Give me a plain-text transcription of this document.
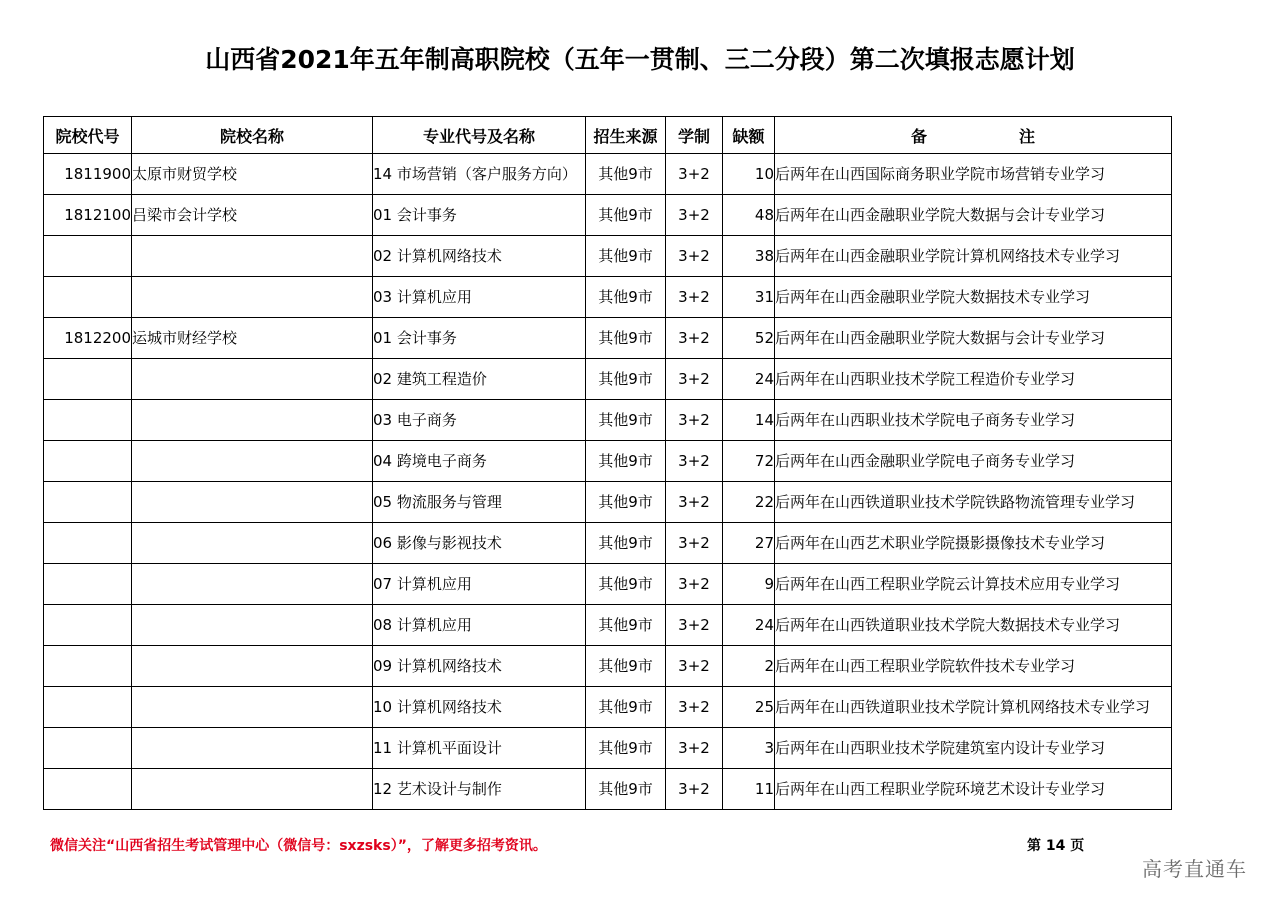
山西省2021年五年制高职院校（五年一贯制、三二分段）第二次填报志愿计划
院校代号	院校名称	专业代号及名称	招生来源	学制	缺额	备 注
1811900	太原市财贸学校	14 市场营销（客户服务方向）	其他9市	3+2	10	后两年在山西国际商务职业学院市场营销专业学习
1812100	吕梁市会计学校	01 会计事务	其他9市	3+2	48	后两年在山西金融职业学院大数据与会计专业学习
		02 计算机网络技术	其他9市	3+2	38	后两年在山西金融职业学院计算机网络技术专业学习
		03 计算机应用	其他9市	3+2	31	后两年在山西金融职业学院大数据技术专业学习
1812200	运城市财经学校	01 会计事务	其他9市	3+2	52	后两年在山西金融职业学院大数据与会计专业学习
		02 建筑工程造价	其他9市	3+2	24	后两年在山西职业技术学院工程造价专业学习
		03 电子商务	其他9市	3+2	14	后两年在山西职业技术学院电子商务专业学习
		04 跨境电子商务	其他9市	3+2	72	后两年在山西金融职业学院电子商务专业学习
		05 物流服务与管理	其他9市	3+2	22	后两年在山西铁道职业技术学院铁路物流管理专业学习
		06 影像与影视技术	其他9市	3+2	27	后两年在山西艺术职业学院摄影摄像技术专业学习
		07 计算机应用	其他9市	3+2	9	后两年在山西工程职业学院云计算技术应用专业学习
		08 计算机应用	其他9市	3+2	24	后两年在山西铁道职业技术学院大数据技术专业学习
		09 计算机网络技术	其他9市	3+2	2	后两年在山西工程职业学院软件技术专业学习
		10 计算机网络技术	其他9市	3+2	25	后两年在山西铁道职业技术学院计算机网络技术专业学习
		11 计算机平面设计	其他9市	3+2	3	后两年在山西职业技术学院建筑室内设计专业学习
		12 艺术设计与制作	其他9市	3+2	11	后两年在山西工程职业学院环境艺术设计专业学习
微信关注“山西省招生考试管理中心（微信号：sxzsks）”，了解更多招考资讯。	第 14 页
高考直通车
